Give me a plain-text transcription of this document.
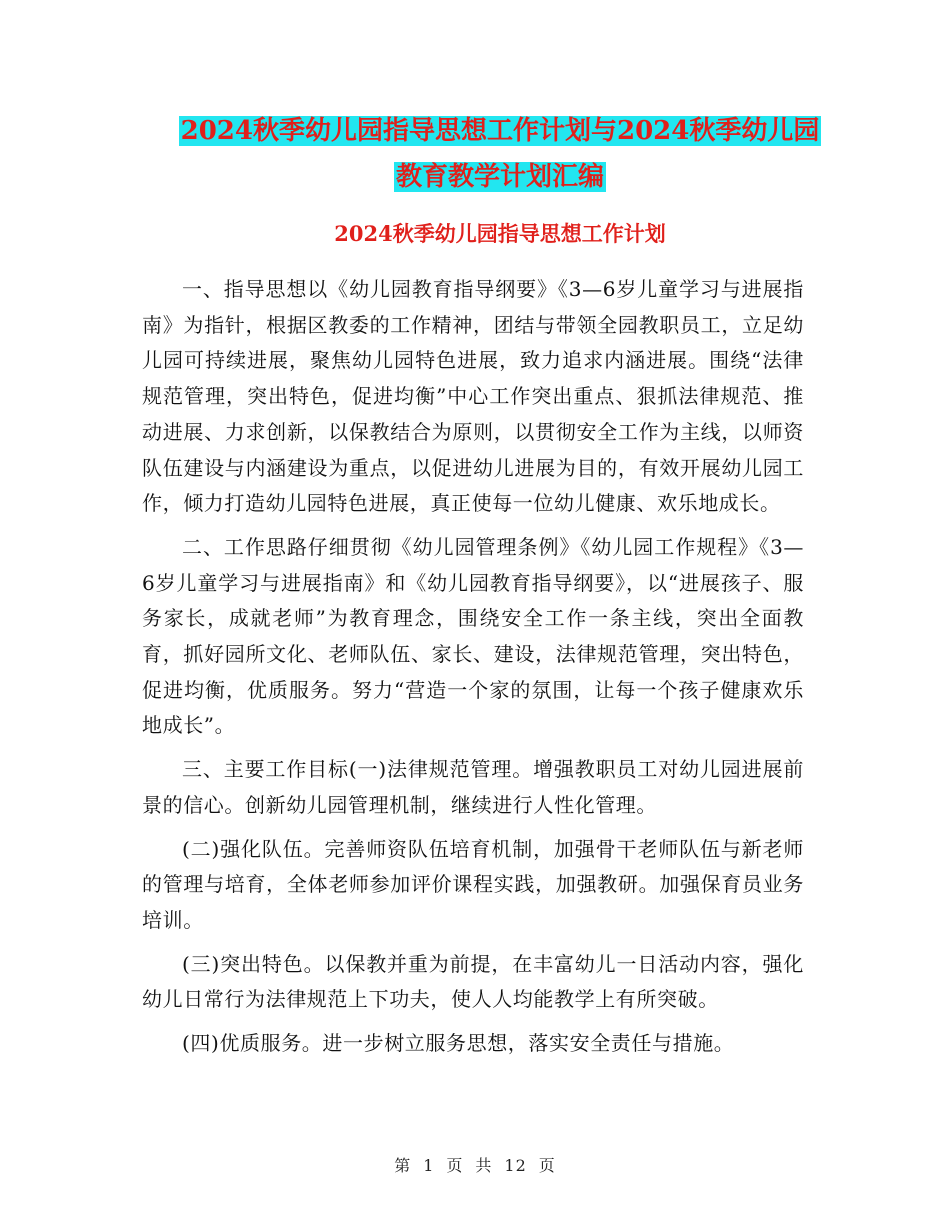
2024秋季幼儿园指导思想工作计划与2024秋季幼儿园
教育教学计划汇编
2024秋季幼儿园指导思想工作计划

一、指导思想以《幼儿园教育指导纲要》《3—6岁儿童学习与进展指南》为指针，根据区教委的工作精神，团结与带领全园教职员工，立足幼儿园可持续进展，聚焦幼儿园特色进展，致力追求内涵进展。围绕“法律规范管理，突出特色，促进均衡”中心工作突出重点、狠抓法律规范、推动进展、力求创新，以保教结合为原则，以贯彻安全工作为主线，以师资队伍建设与内涵建设为重点，以促进幼儿进展为目的，有效开展幼儿园工作，倾力打造幼儿园特色进展，真正使每一位幼儿健康、欢乐地成长。

二、工作思路仔细贯彻《幼儿园管理条例》《幼儿园工作规程》《3—6岁儿童学习与进展指南》和《幼儿园教育指导纲要》，以“进展孩子、服务家长，成就老师”为教育理念，围绕安全工作一条主线，突出全面教育，抓好园所文化、老师队伍、家长、建设，法律规范管理，突出特色，促进均衡，优质服务。努力“营造一个家的氛围，让每一个孩子健康欢乐地成长”。

三、主要工作目标(一)法律规范管理。增强教职员工对幼儿园进展前景的信心。创新幼儿园管理机制，继续进行人性化管理。

(二)强化队伍。完善师资队伍培育机制，加强骨干老师队伍与新老师的管理与培育，全体老师参加评价课程实践，加强教研。加强保育员业务培训。

(三)突出特色。以保教并重为前提，在丰富幼儿一日活动内容，强化幼儿日常行为法律规范上下功夫，使人人均能教学上有所突破。

(四)优质服务。进一步树立服务思想，落实安全责任与措施。

第 1 页 共 12 页
